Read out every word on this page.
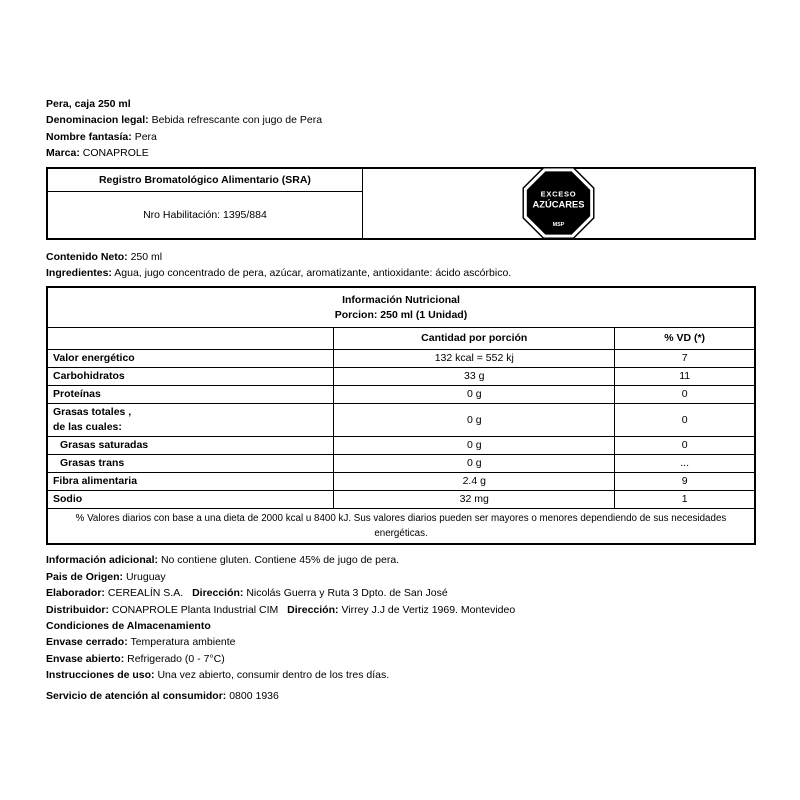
Pera, caja 250 ml
Denominacion legal: Bebida refrescante con jugo de Pera
Nombre fantasía: Pera
Marca: CONAPROLE
Registro Bromatológico Alimentario (SRA)
Nro Habilitación: 1395/884
EXCESO
AZÚCARES
MSP
Contenido Neto: 250 ml
Ingredientes: Agua, jugo concentrado de pera, azúcar, aromatizante, antioxidante: ácido ascórbico.
Información Nutricional
Porcion: 250 ml (1 Unidad)		

	Cantidad por porción	% VD (*)
Valor energético	132 kcal = 552 kj	7
Carbohidratos	33 g	11
Proteínas	0 g	0

Grasas totales ,
de las cuales:	0 g	0
Grasas saturadas	0 g	0
Grasas trans	0 g	...
Fibra alimentaria	2.4 g	9
Sodio	32 mg	1
% Valores diarios con base a una dieta de 2000 kcal u 8400 kJ. Sus valores diarios pueden ser mayores o menores dependiendo de sus necesidades energéticas.		
Información adicional: No contiene gluten. Contiene 45% de jugo de pera.
Pais de Origen: Uruguay
Elaborador: CEREALÍN S.A. Dirección: Nicolás Guerra y Ruta 3 Dpto. de San José
Distribuidor: CONAPROLE Planta Industrial CIM Dirección: Virrey J.J de Vertiz 1969. Montevideo
Condiciones de Almacenamiento
Envase cerrado: Temperatura ambiente
Envase abierto: Refrigerado (0 - 7°C)
Instrucciones de uso: Una vez abierto, consumir dentro de los tres días.
Servicio de atención al consumidor: 0800 1936
